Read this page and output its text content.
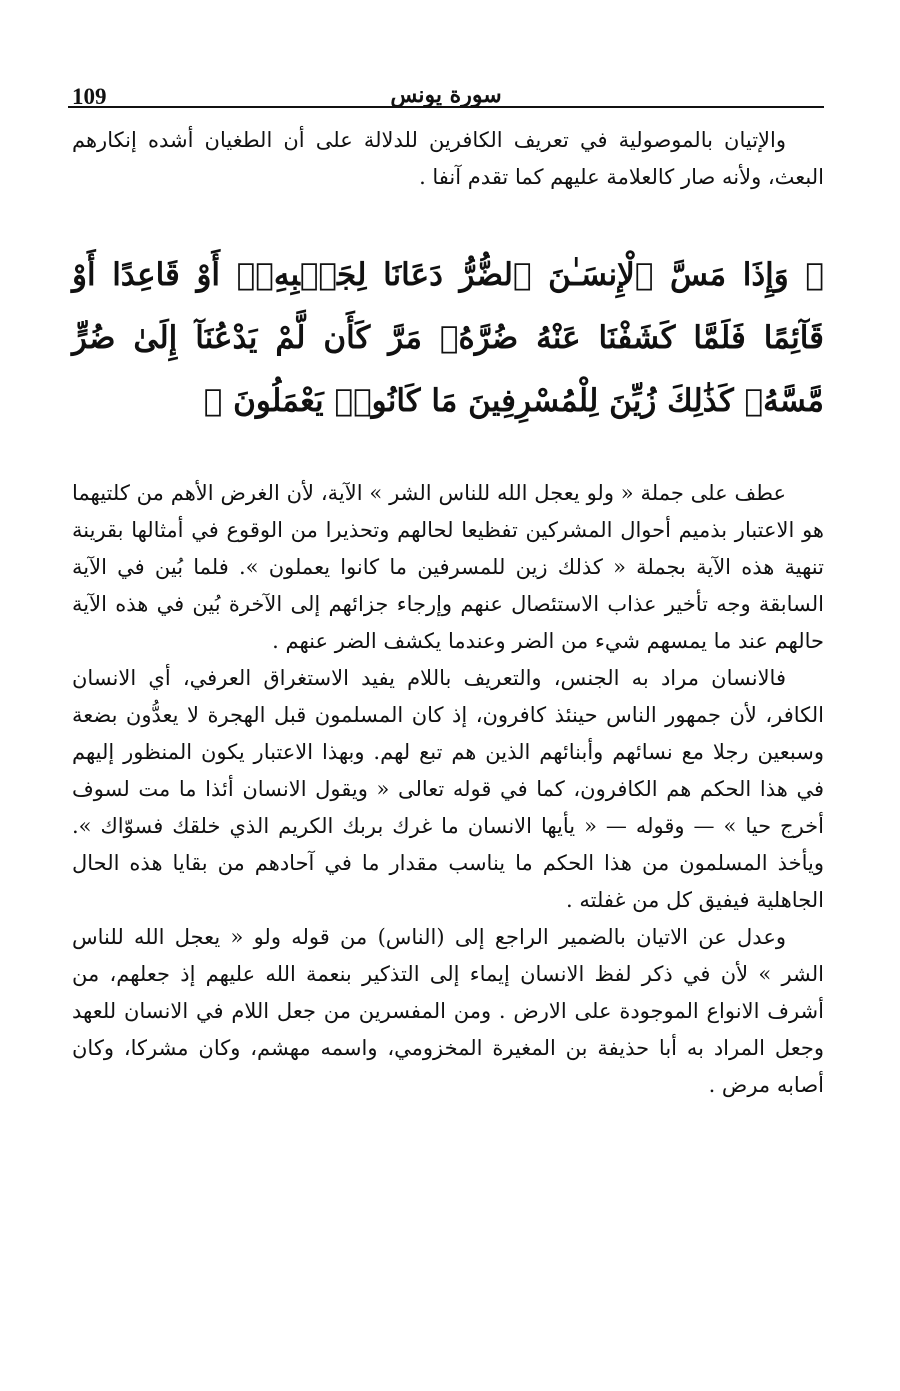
109	سورة يونس

والإتيان بالموصولية في تعريف الكافرين للدلالة على أن الطغيان أشده إنكارهم البعث، ولأنه صار كالعلامة عليهم كما تقدم آنفا .

﴿ وَإِذَا مَسَّ ٱلْإِنسَـٰنَ ٱلضُّرُّ دَعَانَا لِجَنۢبِهِۦٓ أَوْ قَاعِدًا أَوْ قَآئِمًا فَلَمَّا كَشَفْنَا عَنْهُ ضُرَّهُۥ مَرَّ كَأَن لَّمْ يَدْعُنَآ إِلَىٰ ضُرٍّ مَّسَّهُۥ كَذَٰلِكَ زُيِّنَ لِلْمُسْرِفِينَ مَا كَانُوا۟ يَعْمَلُونَ ﴾

عطف على جملة « ولو يعجل الله للناس الشر » الآية، لأن الغرض الأهم من كلتيهما هو الاعتبار بذميم أحوال المشركين تفظيعا لحالهم وتحذيرا من الوقوع في أمثالها بقرينة تنهية هذه الآية بجملة « كذلك زين للمسرفين ما كانوا يعملون ». فلما بُين في الآية السابقة وجه تأخير عذاب الاستئصال عنهم وإرجاء جزائهم إلى الآخرة بُين في هذه الآية حالهم عند ما يمسهم شيء من الضر وعندما يكشف الضر عنهم .

فالانسان مراد به الجنس، والتعريف باللام يفيد الاستغراق العرفي، أي الانسان الكافر، لأن جمهور الناس حينئذ كافرون، إذ كان المسلمون قبل الهجرة لا يعدُّون بضعة وسبعين رجلا مع نسائهم وأبنائهم الذين هم تبع لهم. وبهذا الاعتبار يكون المنظور إليهم في هذا الحكم هم الكافرون، كما في قوله تعالى « ويقول الانسان أئذا ما مت لسوف أخرج حيا » — وقوله — « يأيها الانسان ما غرك بربك الكريم الذي خلقك فسوّاك ». ويأخذ المسلمون من هذا الحكم ما يناسب مقدار ما في آحادهم من بقايا هذه الحال الجاهلية فيفيق كل من غفلته .

وعدل عن الاتيان بالضمير الراجع إلى (الناس) من قوله ولو « يعجل الله للناس الشر » لأن في ذكر لفظ الانسان إيماء إلى التذكير بنعمة الله عليهم إذ جعلهم، من أشرف الانواع الموجودة على الارض . ومن المفسرين من جعل اللام في الانسان للعهد وجعل المراد به أبا حذيفة بن المغيرة المخزومي، واسمه مهشم، وكان مشركا، وكان أصابه مرض .
